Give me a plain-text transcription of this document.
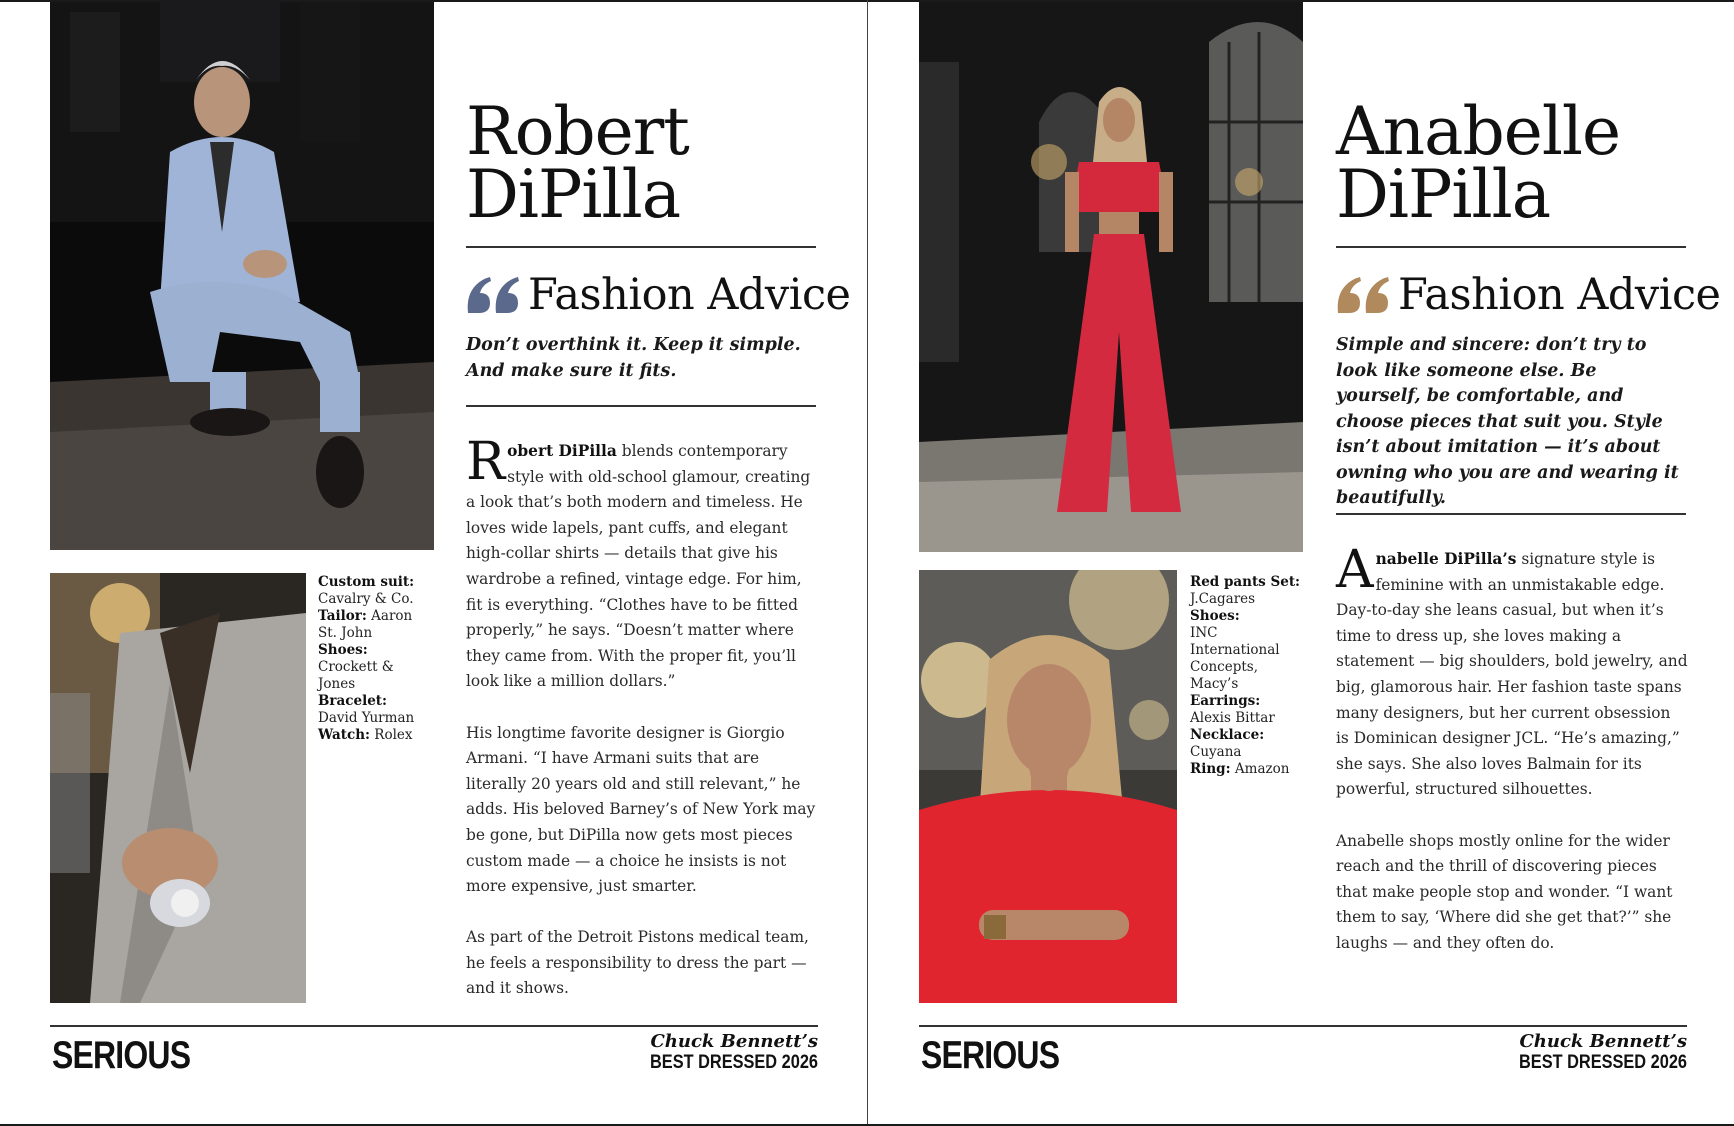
Custom suit:
Cavalry & Co.
Tailor: Aaron St. John
Shoes: Crockett & Jones
Bracelet: David Yurman
Watch: Rolex
Robert
DiPilla
Fashion Advice

Don’t overthink it. Keep it simple. And make sure it fits.

Robert DiPilla blends contemporary style with old-school glamour, creating a look that’s both modern and timeless. He loves wide lapels, pant cuffs, and elegant high-collar shirts — details that give his wardrobe a refined, vintage edge. For him, fit is everything. “Clothes have to be fitted properly,” he says. “Doesn’t matter where they came from. With the proper fit, you’ll look like a million dollars.”

His longtime favorite designer is Giorgio Armani. “I have Armani suits that are literally 20 years old and still relevant,” he adds. His beloved Barney’s of New York may be gone, but DiPilla now gets most pieces custom made — a choice he insists is not more expensive, just smarter.

As part of the Detroit Pistons medical team, he feels a responsibility to dress the part — and it shows.

SERIOUS	Chuck Bennett’s
BEST DRESSED 2026
Red pants Set:
J.Cagares
Shoes:
INC International Concepts, Macy’s
Earrings:
Alexis Bittar
Necklace: Cuyana
Ring: Amazon
Anabelle
DiPilla
Fashion Advice

Simple and sincere: don’t try to look like someone else. Be yourself, be comfortable, and choose pieces that suit you. Style isn’t about imitation — it’s about owning who you are and wearing it beautifully.

Anabelle DiPilla’s signature style is feminine with an unmistakable edge. Day-to-day she leans casual, but when it’s time to dress up, she loves making a statement — big shoulders, bold jewelry, and big, glamorous hair. Her fashion taste spans many designers, but her current obsession is Dominican designer JCL. “He’s amazing,” she says. She also loves Balmain for its powerful, structured silhouettes.

Anabelle shops mostly online for the wider reach and the thrill of discovering pieces that make people stop and wonder. “I want them to say, ‘Where did she get that?’” she laughs — and they often do.

SERIOUS	Chuck Bennett’s
BEST DRESSED 2026
